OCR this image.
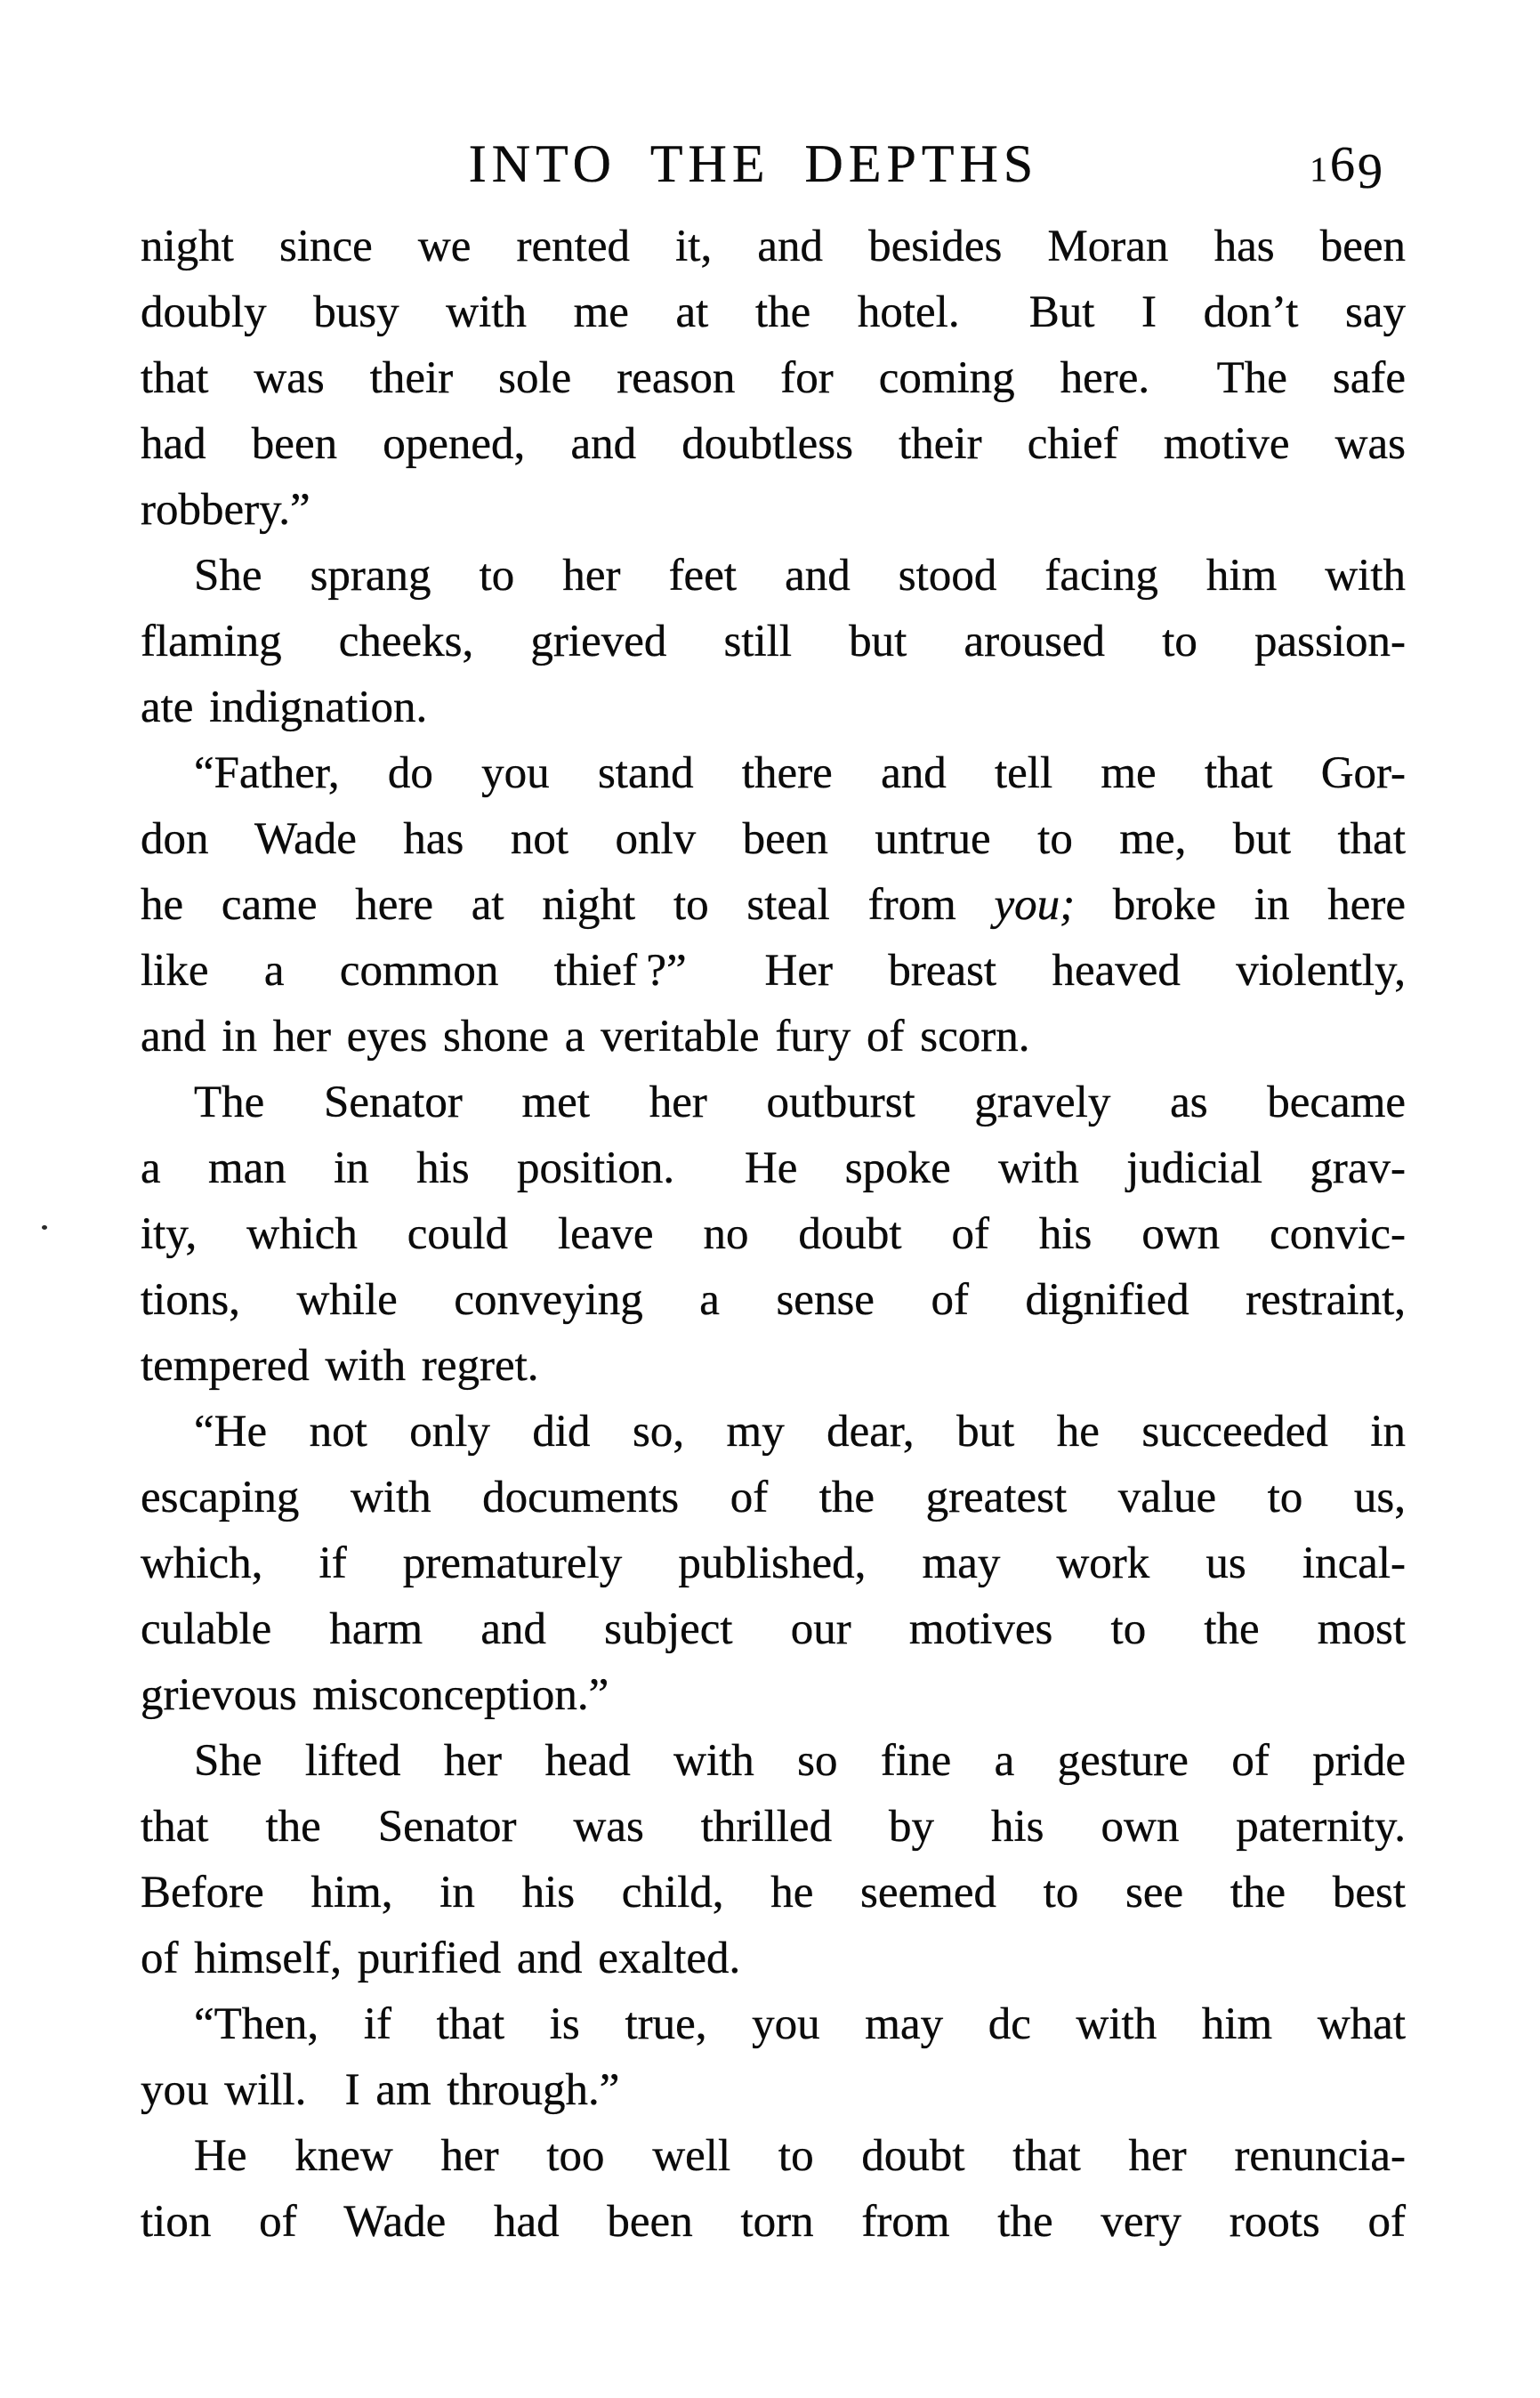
INTO THE DEPTHS	169
night since we rented it, and besides Moran has been
doubly busy with me at the hotel.  But I don’t say
that was their sole reason for coming here.  The safe
had been opened, and doubtless their chief motive was
robbery.”
She sprang to her feet and stood facing him with
flaming cheeks, grieved still but aroused to passion-
ate indignation.
“Father, do you stand there and tell me that Gor-
don Wade has not onlv been untrue to me, but that
he came here at night to steal from you; broke in here
like a common thief ?”  Her breast heaved violently,
and in her eyes shone a veritable fury of scorn.
The Senator met her outburst gravely as became
a man in his position.  He spoke with judicial grav-
ity, which could leave no doubt of his own convic-
tions, while conveying a sense of dignified restraint,
tempered with regret.
“He not only did so, my dear, but he succeeded in
escaping with documents of the greatest value to us,
which, if prematurely published, may work us incal-
culable harm and subject our motives to the most
grievous misconception.”
She lifted her head with so fine a gesture of pride
that the Senator was thrilled by his own paternity.
Before him, in his child, he seemed to see the best
of himself, purified and exalted.
“Then, if that is true, you may dc with him what
you will.  I am through.”
He knew her too well to doubt that her renuncia-
tion of Wade had been torn from the very roots of
